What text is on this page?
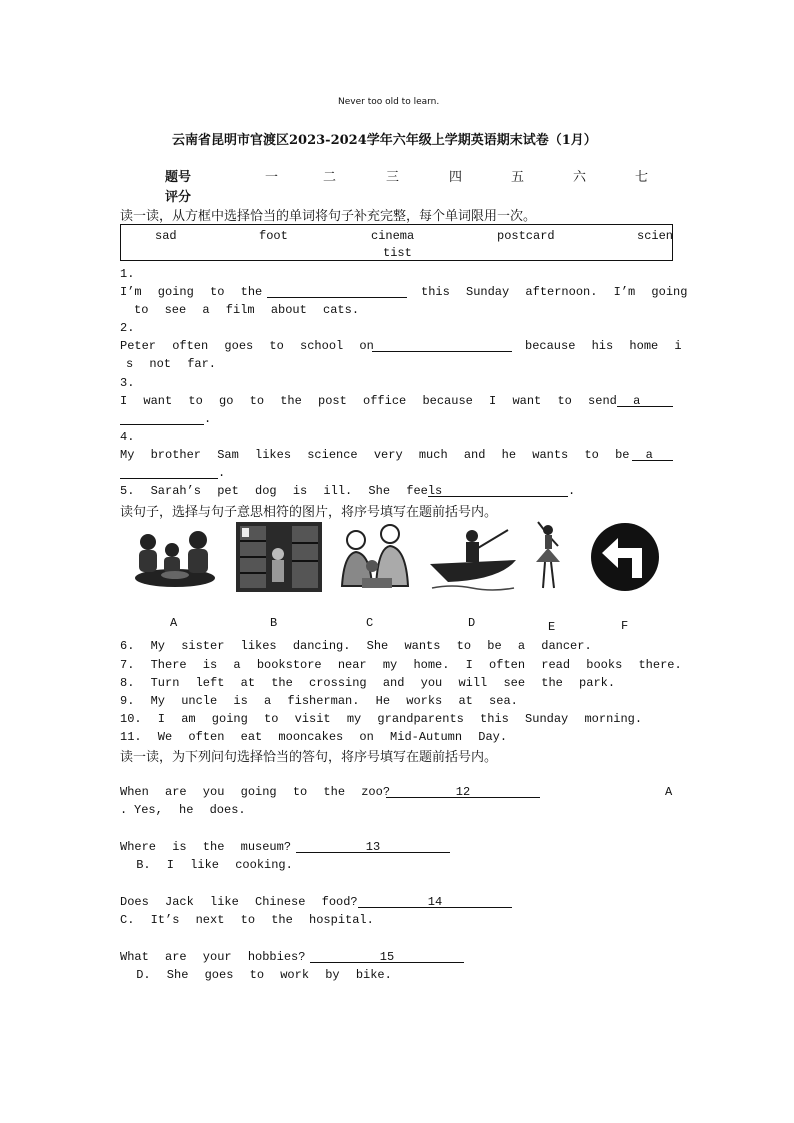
Never too old to learn.
云南省昆明市官渡区2023-2024学年六年级上学期英语期末试卷（1月）
题号	一	二	三	四	五	六	七
评分
读一读，从方框中选择恰当的单词将句子补充完整，每个单词限用一次。
sad	foot	cinema	postcard	scien
tist
1.
I’m going to the	this Sunday afternoon. I’m going
to see a film about cats.
2.
Peter often goes to school on	because his home i
s not far.
3.
I want to go to the post office because I want to send a
.
4.
My brother Sam likes science very much and he wants to be a
.
5. Sarah’s pet dog is ill. She feels	.
读句子，选择与句子意思相符的图片，将序号填写在题前括号内。
A	B	C	D	E	F
6. My sister likes dancing. She wants to be a dancer.
7. There is a bookstore near my home. I often read books there.
8. Turn left at the crossing and you will see the park.
9. My uncle is a fisherman. He works at sea.
10. I am going to visit my grandparents this Sunday morning.
11. We often eat mooncakes on Mid-Autumn Day.
读一读，为下列问句选择恰当的答句，将序号填写在题前括号内。
When are you going to the zoo?	12	A
. Yes, he does.
Where is the museum?	13
B. I like cooking.
Does Jack like Chinese food?	14
C. It’s next to the hospital.
What are your hobbies?	15
D. She goes to work by bike.
